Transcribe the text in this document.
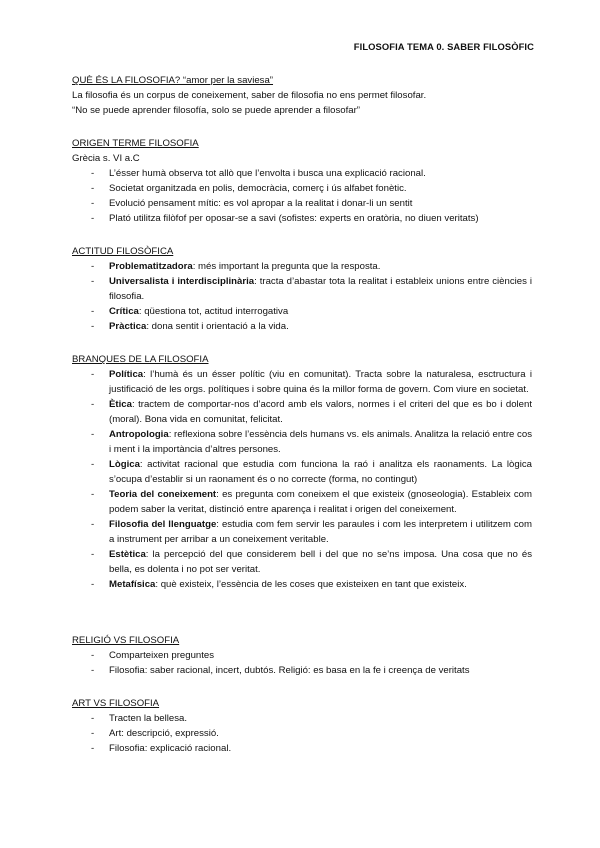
FILOSOFIA TEMA 0. SABER FILOSÒFIC

QUÈ ÉS LA FILOSOFIA? “amor per la saviesa”

La filosofia és un corpus de coneixement, saber de filosofia no ens permet filosofar.

“No se puede aprender filosofía, solo se puede aprender a filosofar”

ORIGEN TERME FILOSOFIA

Grècia s. VI a.C

- L’ésser humà observa tot allò que l’envolta i busca una explicació racional.
- Societat organitzada en polis, democràcia, comerç i ús alfabet fonètic.
- Evolució pensament mític: es vol apropar a la realitat i donar-li un sentit
- Plató utilitza filòfof per oposar-se a savi (sofistes: experts en oratòria, no diuen veritats)

ACTITUD FILOSÒFICA

- Problematitzadora: més important la pregunta que la resposta.
- Universalista i interdisciplinària: tracta d’abastar tota la realitat i estableix unions entre ciències i filosofia.
- Crítica: qüestiona tot, actitud interrogativa
- Pràctica: dona sentit i orientació a la vida.

BRANQUES DE LA FILOSOFIA

- Política: l’humà és un ésser polític (viu en comunitat). Tracta sobre la naturalesa, esctructura i justificació de les orgs. polítiques i sobre quina és la millor forma de govern. Com viure en societat.
- Ètica: tractem de comportar-nos d’acord amb els valors, normes i el criteri del que es bo i dolent (moral). Bona vida en comunitat, felicitat.
- Antropologia: reflexiona sobre l’essència dels humans vs. els animals. Analitza la relació entre cos i ment i la importància d’altres persones.
- Lògica: activitat racional que estudia com funciona la raó i analitza els raonaments. La lògica s’ocupa d’establir si un raonament és o no correcte (forma, no contingut)
- Teoria del coneixement: es pregunta com coneixem el que existeix (gnoseologia). Estableix com podem saber la veritat, distinció entre aparença i realitat i origen del coneixement.
- Filosofia del llenguatge: estudia com fem servir les paraules i com les interpretem i utilitzem com a instrument per arribar a un coneixement veritable.
- Estètica: la percepció del que considerem bell i del que no se’ns imposa. Una cosa que no és bella, es dolenta i no pot ser veritat.
- Metafísica: què existeix, l’essència de les coses que existeixen en tant que existeix.

RELIGIÓ VS FILOSOFIA

- Comparteixen preguntes
- Filosofia: saber racional, incert, dubtós. Religió: es basa en la fe i creença de veritats

ART VS FILOSOFIA

- Tracten la bellesa.
- Art: descripció, expressió.
- Filosofia: explicació racional.
